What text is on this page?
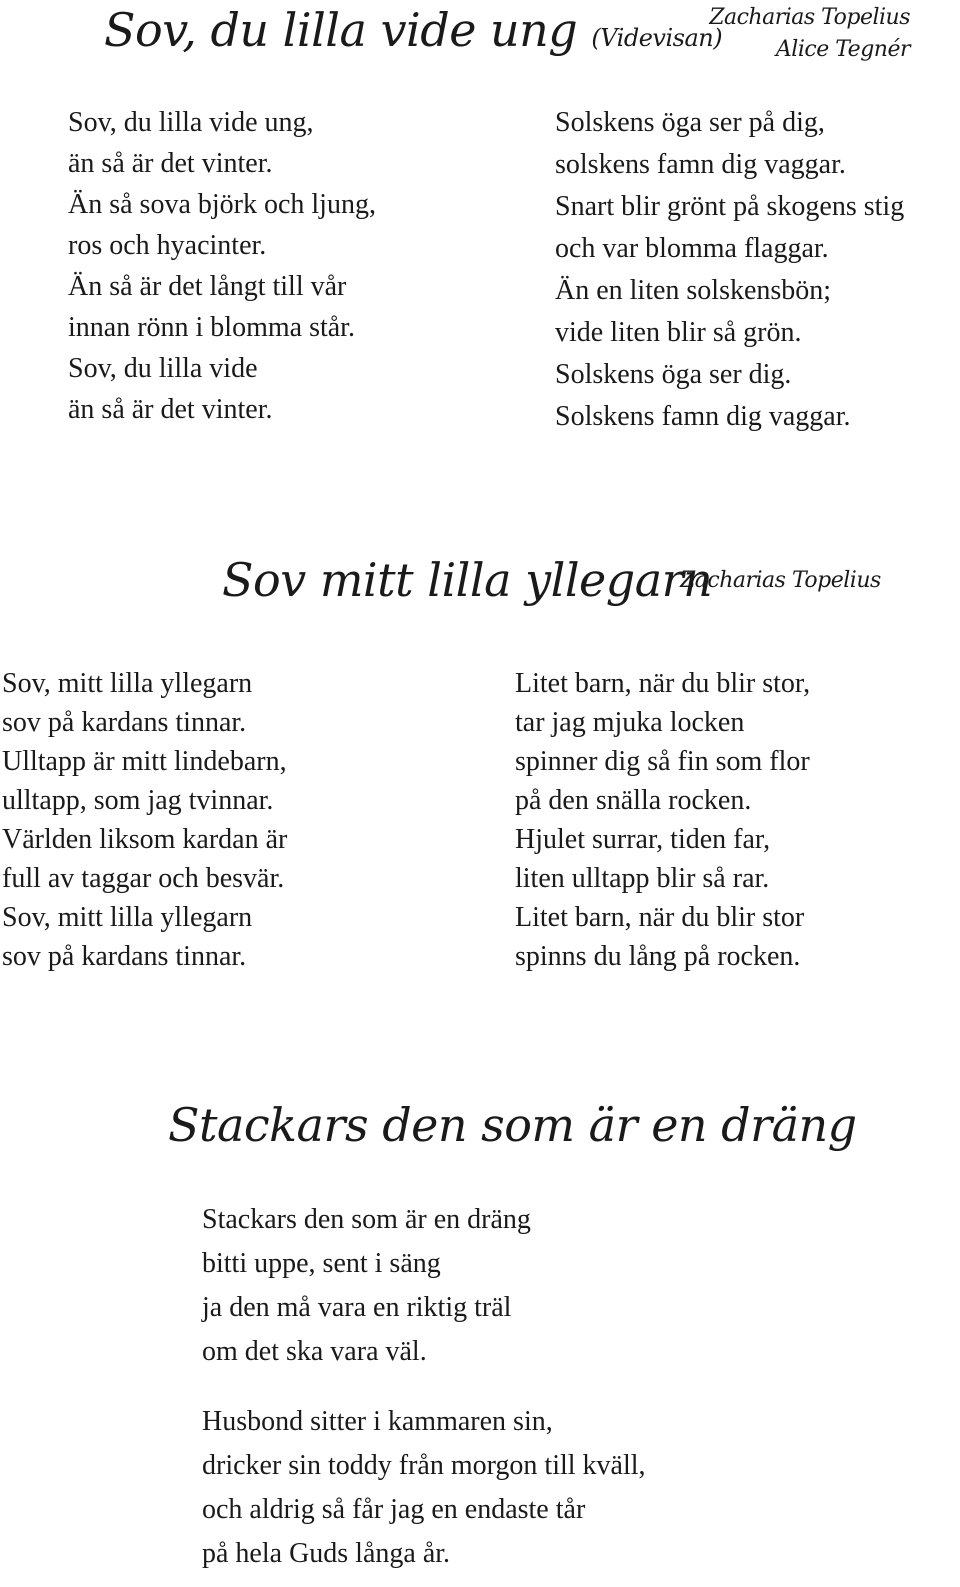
Sov, du lilla vide ung (Videvisan)
Zacharias Topelius
Alice Tegnér
Sov, du lilla vide ung,
än så är det vinter.
Än så sova björk och ljung,
ros och hyacinter.
Än så är det långt till vår
innan rönn i blomma står.
Sov, du lilla vide
än så är det vinter.
Solskens öga ser på dig,
solskens famn dig vaggar.
Snart blir grönt på skogens stig
och var blomma flaggar.
Än en liten solskensbön;
vide liten blir så grön.
Solskens öga ser dig.
Solskens famn dig vaggar.
Sov mitt lilla yllegarn
Zacharias Topelius
Sov, mitt lilla yllegarn
sov på kardans tinnar.
Ulltapp är mitt lindebarn,
ulltapp, som jag tvinnar.
Världen liksom kardan är
full av taggar och besvär.
Sov, mitt lilla yllegarn
sov på kardans tinnar.
Litet barn, när du blir stor,
tar jag mjuka locken
spinner dig så fin som flor
på den snälla rocken.
Hjulet surrar, tiden far,
liten ulltapp blir så rar.
Litet barn, när du blir stor
spinns du lång på rocken.
Stackars den som är en dräng
Stackars den som är en dräng
bitti uppe, sent i säng
ja den må vara en riktig träl
om det ska vara väl.
Husbond sitter i kammaren sin,
dricker sin toddy från morgon till kväll,
och aldrig så får jag en endaste tår
på hela Guds långa år.
